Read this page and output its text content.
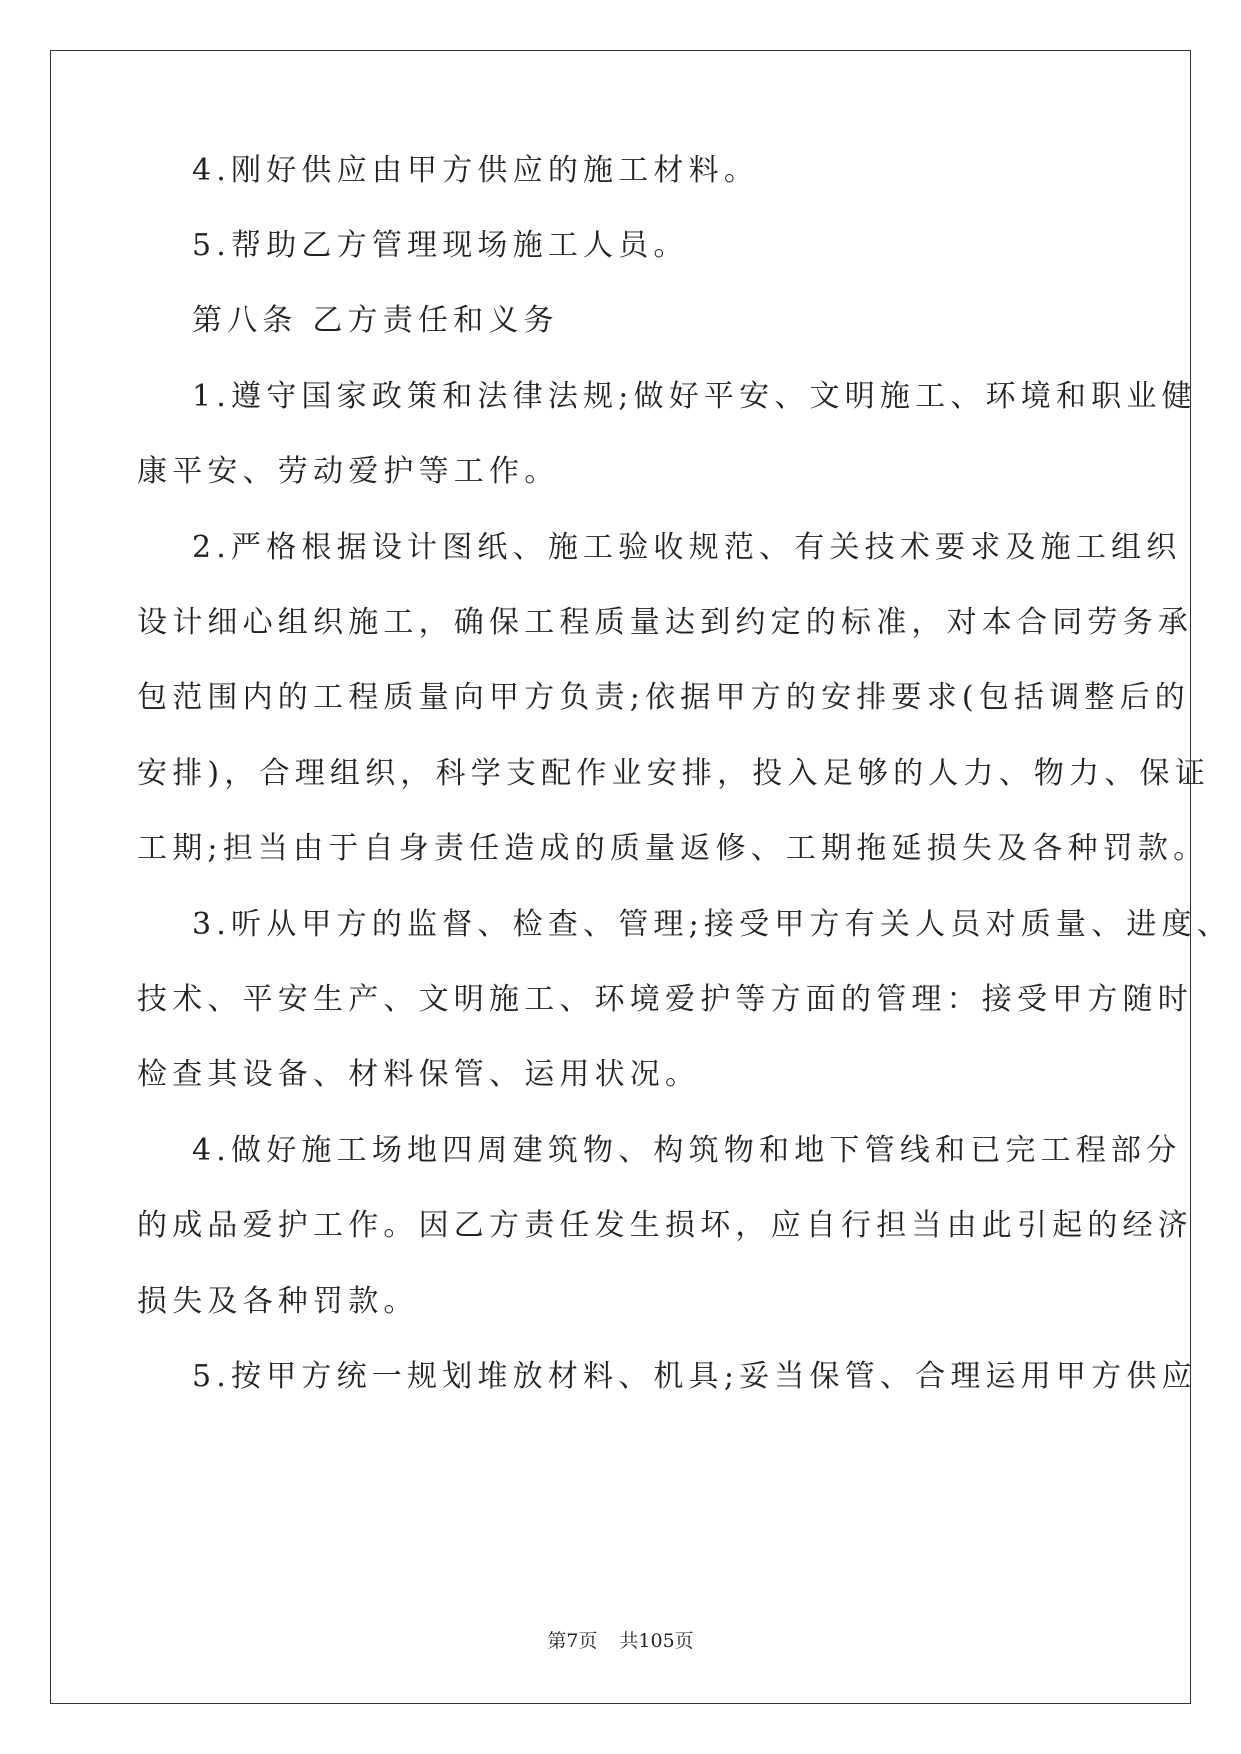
4.刚好供应由甲方供应的施工材料。
5.帮助乙方管理现场施工人员。
第八条 乙方责任和义务
1.遵守国家政策和法律法规;做好平安、文明施工、环境和职业健
康平安、劳动爱护等工作。
2.严格根据设计图纸、施工验收规范、有关技术要求及施工组织
设计细心组织施工，确保工程质量达到约定的标准，对本合同劳务承
包范围内的工程质量向甲方负责;依据甲方的安排要求(包括调整后的
安排)，合理组织，科学支配作业安排，投入足够的人力、物力、保证
工期;担当由于自身责任造成的质量返修、工期拖延损失及各种罚款。
3.听从甲方的监督、检查、管理;接受甲方有关人员对质量、进度、
技术、平安生产、文明施工、环境爱护等方面的管理：接受甲方随时
检查其设备、材料保管、运用状况。
4.做好施工场地四周建筑物、构筑物和地下管线和已完工程部分
的成品爱护工作。因乙方责任发生损坏，应自行担当由此引起的经济
损失及各种罚款。
5.按甲方统一规划堆放材料、机具;妥当保管、合理运用甲方供应
第7页 共105页
